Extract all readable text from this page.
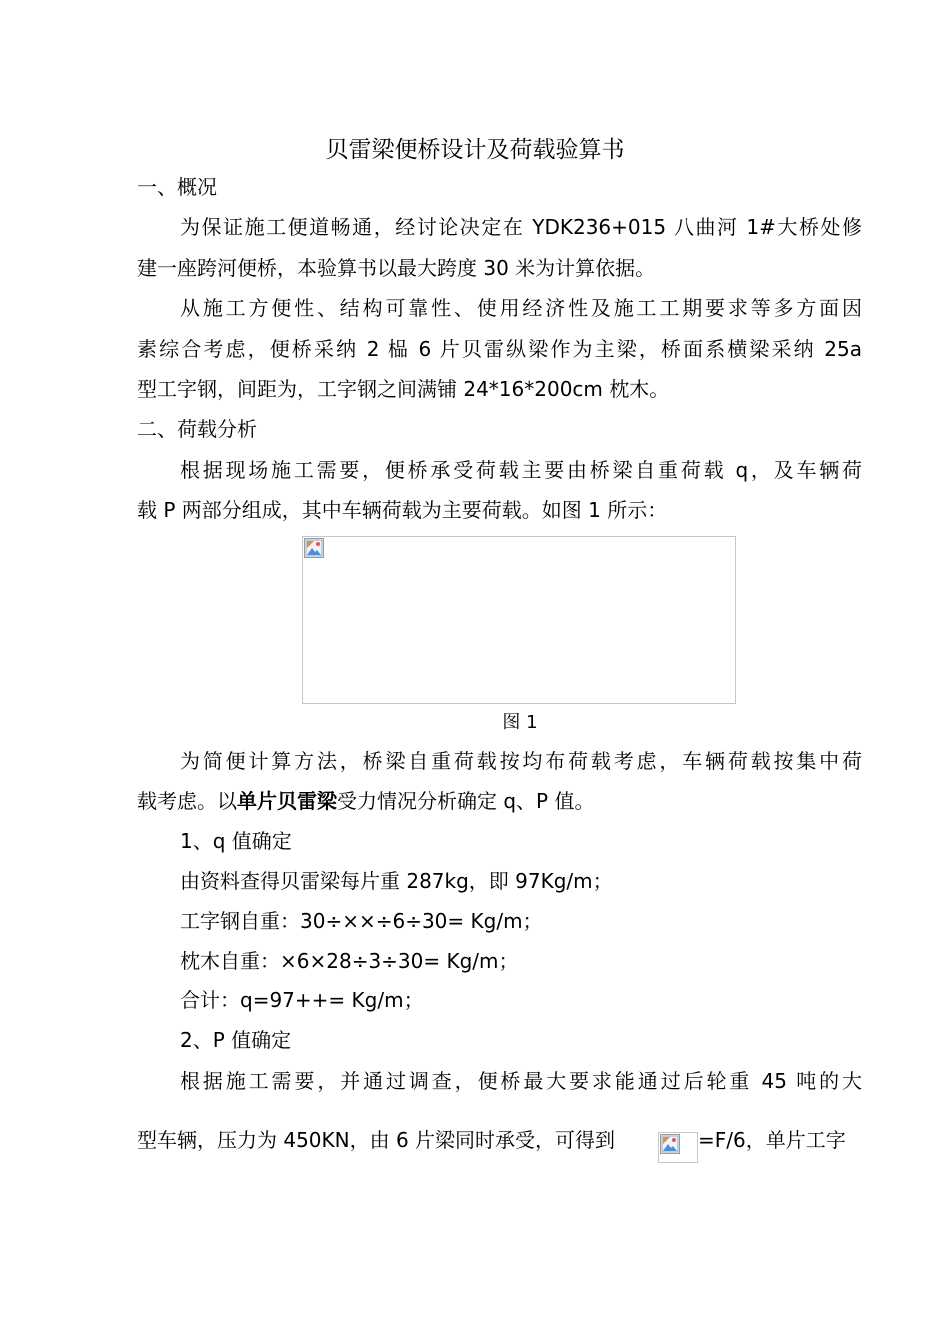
贝雷梁便桥设计及荷载验算书
一、概况
为保证施工便道畅通，经讨论决定在 YDK236+015 八曲河 1#大桥处修
建一座跨河便桥，本验算书以最大跨度 30 米为计算依据。
从施工方便性、结构可靠性、使用经济性及施工工期要求等多方面因
素综合考虑，便桥采纳 2 榀 6 片贝雷纵梁作为主梁，桥面系横梁采纳 25a
型工字钢，间距为，工字钢之间满铺 24*16*200cm 枕木。
二、荷载分析
根据现场施工需要，便桥承受荷载主要由桥梁自重荷载 q，及车辆荷
载 P 两部分组成，其中车辆荷载为主要荷载。如图 1 所示：
图 1
为简便计算方法，桥梁自重荷载按均布荷载考虑，车辆荷载按集中荷
载考虑。以单片贝雷梁受力情况分析确定 q、P 值。
1、q 值确定
由资料查得贝雷梁每片重 287kg，即 97Kg/m；
工字钢自重：30÷××÷6÷30= Kg/m；
枕木自重：×6×28÷3÷30= Kg/m；
合计：q=97++= Kg/m；
2、P 值确定
根据施工需要，并通过调查，便桥最大要求能通过后轮重 45 吨的大
型车辆，压力为 450KN，由 6 片梁同时承受，可得到	=F/6，单片工字
